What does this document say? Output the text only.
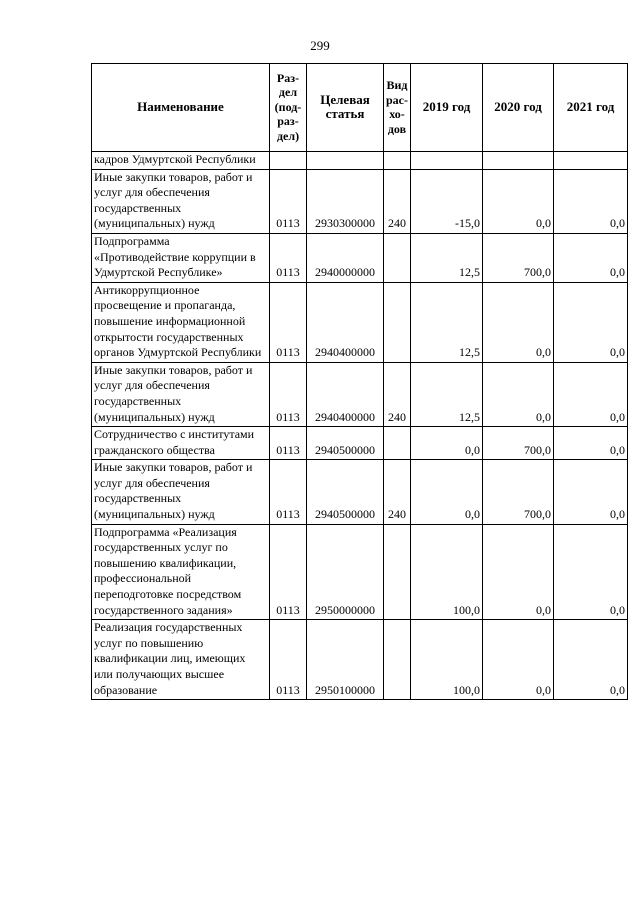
299
Наименование	Раз-дел (под-раз-дел)	Целевая статья	Вид рас-хо-дов	2019 год	2020 год	2021 год
кадров Удмуртской Республики						
Иные закупки товаров, работ и услуг для обеспечения государственных (муниципальных) нужд	0113	2930300000	240	-15,0	0,0	0,0
Подпрограмма «Противодействие коррупции в Удмуртской Республике»	0113	2940000000		12,5	700,0	0,0
Антикоррупционное просвещение и пропаганда, повышение информационной открытости государственных органов Удмуртской Республики	0113	2940400000		12,5	0,0	0,0
Иные закупки товаров, работ и услуг для обеспечения государственных (муниципальных) нужд	0113	2940400000	240	12,5	0,0	0,0
Сотрудничество с институтами гражданского общества	0113	2940500000		0,0	700,0	0,0
Иные закупки товаров, работ и услуг для обеспечения государственных (муниципальных) нужд	0113	2940500000	240	0,0	700,0	0,0
Подпрограмма «Реализация государственных услуг по повышению квалификации, профессиональной переподготовке посредством государственного задания»	0113	2950000000		100,0	0,0	0,0
Реализация государственных услуг по повышению квалификации лиц, имеющих или получающих высшее образование	0113	2950100000		100,0	0,0	0,0
